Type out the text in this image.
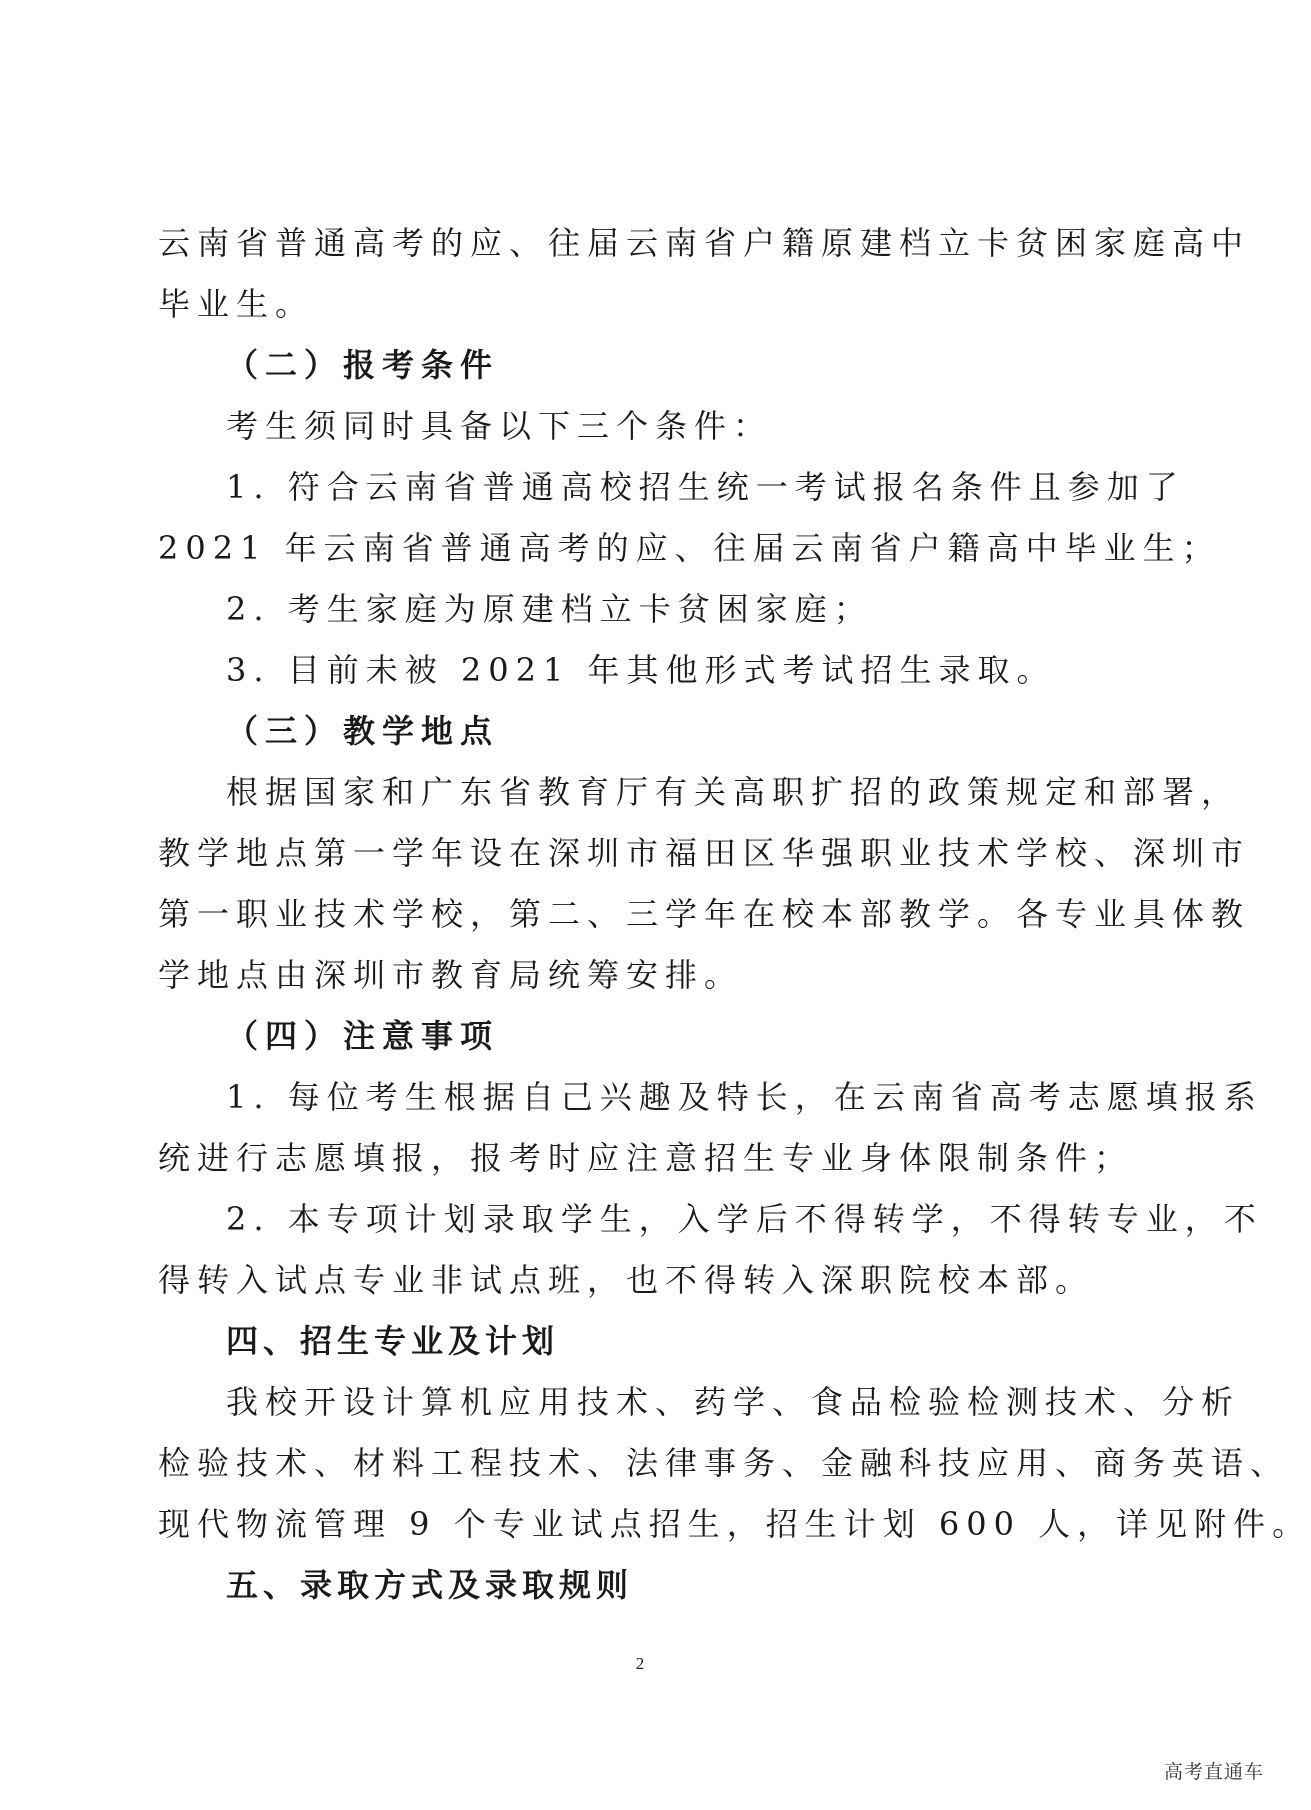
云南省普通高考的应、往届云南省户籍原建档立卡贫困家庭高中
毕业生。
（二）报考条件
考生须同时具备以下三个条件：
1. 符合云南省普通高校招生统一考试报名条件且参加了
2021 年云南省普通高考的应、往届云南省户籍高中毕业生；
2. 考生家庭为原建档立卡贫困家庭；
3. 目前未被 2021 年其他形式考试招生录取。
（三）教学地点
根据国家和广东省教育厅有关高职扩招的政策规定和部署，
教学地点第一学年设在深圳市福田区华强职业技术学校、深圳市
第一职业技术学校，第二、三学年在校本部教学。各专业具体教
学地点由深圳市教育局统筹安排。
（四）注意事项
1. 每位考生根据自己兴趣及特长，在云南省高考志愿填报系
统进行志愿填报，报考时应注意招生专业身体限制条件；
2. 本专项计划录取学生，入学后不得转学，不得转专业，不
得转入试点专业非试点班，也不得转入深职院校本部。
四、招生专业及计划
我校开设计算机应用技术、药学、食品检验检测技术、分析
检验技术、材料工程技术、法律事务、金融科技应用、商务英语、
现代物流管理 9 个专业试点招生，招生计划 600 人，详见附件。
五、录取方式及录取规则
2
高考直通车
